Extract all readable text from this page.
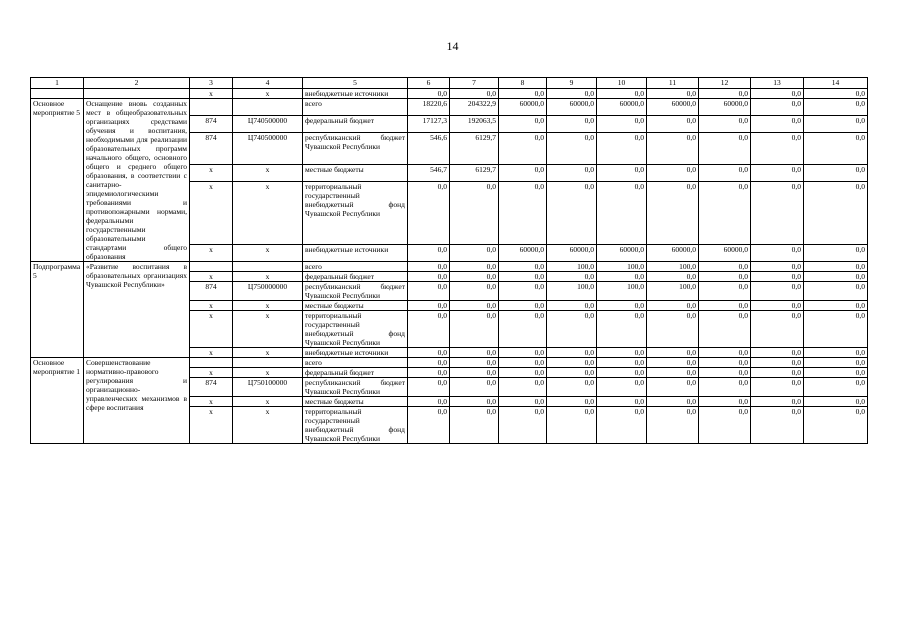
14
1	2	3	4	5	6	7	8	9	10	11	12	13	14
		x	x	внебюджетные источники	0,0	0,0	0,0	0,0	0,0	0,0	0,0	0,0	0,0
Основное мероприятие 5	Оснащение вновь созданных мест в общеобразовательных организациях средствами обучения и воспитания, необходимыми для реализации образовательных программ начального общего, основного общего и среднего общего образования, в соответствии с санитарно-эпидемиологическими требованиями и противопожарными нормами, федеральными государственными образовательными стандартами общего образования			всего	18220,6	204322,9	60000,0	60000,0	60000,0	60000,0	60000,0	0,0	0,0
		874	Ц740500000	федеральный бюджет	17127,3	192063,5	0,0	0,0	0,0	0,0	0,0	0,0	0,0
		874	Ц740500000	республиканский бюджет Чувашской Республики	546,6	6129,7	0,0	0,0	0,0	0,0	0,0	0,0	0,0
		x	x	местные бюджеты	546,7	6129,7	0,0	0,0	0,0	0,0	0,0	0,0	0,0
		x	x	территориальный государственный внебюджетный фонд Чувашской Республики	0,0	0,0	0,0	0,0	0,0	0,0	0,0	0,0	0,0
		x	x	внебюджетные источники	0,0	0,0	60000,0	60000,0	60000,0	60000,0	60000,0	0,0	0,0
Подпрограмма 5	«Развитие воспитания в образовательных организациях Чувашской Республики»			всего	0,0	0,0	0,0	100,0	100,0	100,0	0,0	0,0	0,0
		x	x	федеральный бюджет	0,0	0,0	0,0	0,0	0,0	0,0	0,0	0,0	0,0
		874	Ц750000000	республиканский бюджет Чувашской Республики	0,0	0,0	0,0	100,0	100,0	100,0	0,0	0,0	0,0
		x	x	местные бюджеты	0,0	0,0	0,0	0,0	0,0	0,0	0,0	0,0	0,0
		x	x	территориальный государственный внебюджетный фонд Чувашской Республики	0,0	0,0	0,0	0,0	0,0	0,0	0,0	0,0	0,0
		x	x	внебюджетные источники	0,0	0,0	0,0	0,0	0,0	0,0	0,0	0,0	0,0
Основное мероприятие 1	Совершенствование нормативно-правового регулирования и организационно-управленческих механизмов в сфере воспитания			всего	0,0	0,0	0,0	0,0	0,0	0,0	0,0	0,0	0,0
		x	x	федеральный бюджет	0,0	0,0	0,0	0,0	0,0	0,0	0,0	0,0	0,0
		874	Ц750100000	республиканский бюджет Чувашской Республики	0,0	0,0	0,0	0,0	0,0	0,0	0,0	0,0	0,0
		x	x	местные бюджеты	0,0	0,0	0,0	0,0	0,0	0,0	0,0	0,0	0,0
		x	x	территориальный государственный внебюджетный фонд Чувашской Республики	0,0	0,0	0,0	0,0	0,0	0,0	0,0	0,0	0,0
